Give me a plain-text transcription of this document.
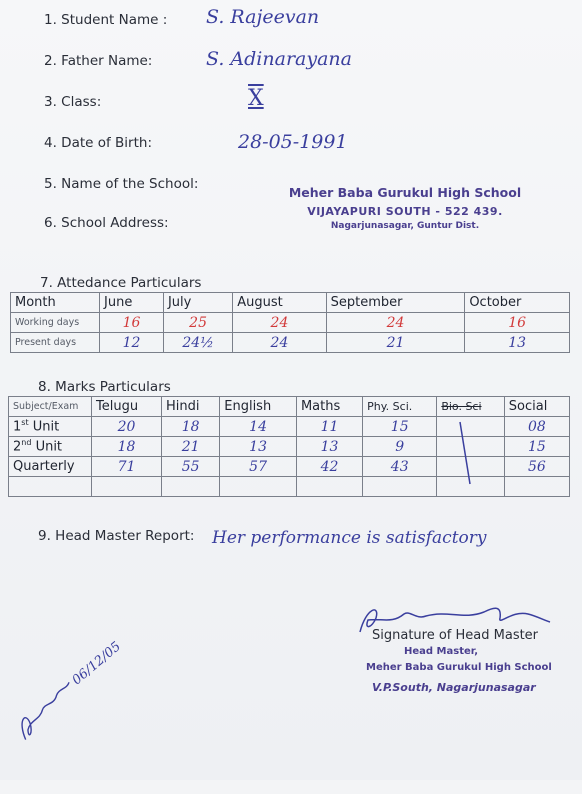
1. Student Name : S. Rajeevan
2. Father Name:	S. Adinarayana
3. Class:	X
4. Date of Birth:	28-05-1991
5. Name of the School:
6. School Address:
Meher Baba Gurukul High School
VIJAYAPURI SOUTH - 522 439.
Nagarjunasagar, Guntur Dist.
7. Attedance Particulars
Month	June	July	August	September	October
Working days	16	25	24	24	16
Present days	12	24½	24	21	13
8. Marks Particulars
Subject/Exam	Telugu	Hindi	English	Maths	Phy. Sci.	Bio. Sci	Social
1st Unit	20	18	14	11	15		08
2nd Unit	18	21	13	13	9		15
Quarterly	71	55	57	42	43		56

9. Head Master Report: Her performance is satisfactory
Signature of Head Master
Head Master,
Meher Baba Gurukul High School
V.P.South, Nagarjunasagar
06/12/05
